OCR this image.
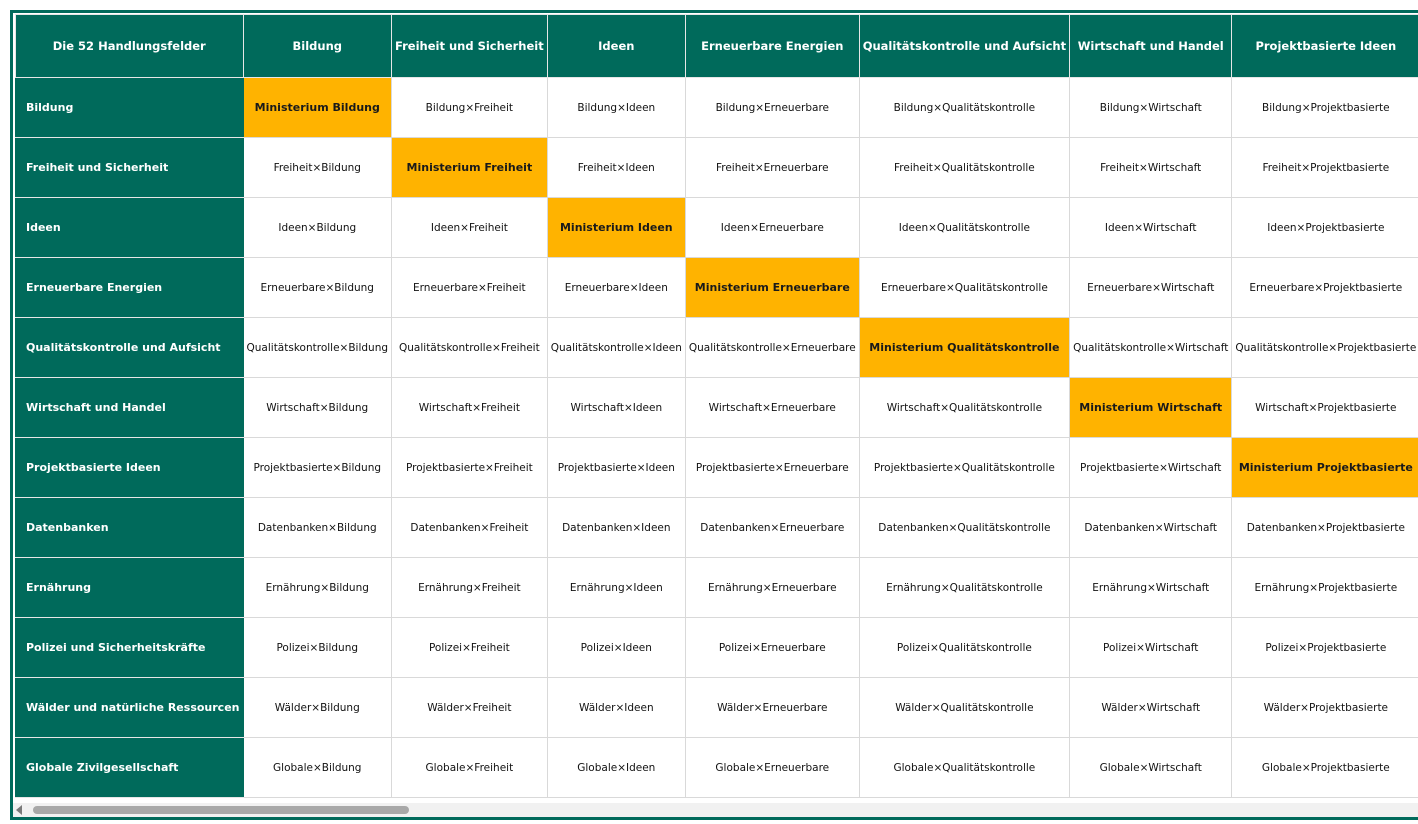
Die 52 Handlungsfelder	Bildung	Freiheit und Sicherheit	Ideen	Erneuerbare Energien	Qualitätskontrolle und Aufsicht	Wirtschaft und Handel	Projektbasierte Ideen
Bildung	Ministerium Bildung	Bildung×Freiheit	Bildung×Ideen	Bildung×Erneuerbare	Bildung×Qualitätskontrolle	Bildung×Wirtschaft	Bildung×Projektbasierte
Freiheit und Sicherheit	Freiheit×Bildung	Ministerium Freiheit	Freiheit×Ideen	Freiheit×Erneuerbare	Freiheit×Qualitätskontrolle	Freiheit×Wirtschaft	Freiheit×Projektbasierte
Ideen	Ideen×Bildung	Ideen×Freiheit	Ministerium Ideen	Ideen×Erneuerbare	Ideen×Qualitätskontrolle	Ideen×Wirtschaft	Ideen×Projektbasierte
Erneuerbare Energien	Erneuerbare×Bildung	Erneuerbare×Freiheit	Erneuerbare×Ideen	Ministerium Erneuerbare	Erneuerbare×Qualitätskontrolle	Erneuerbare×Wirtschaft	Erneuerbare×Projektbasierte
Qualitätskontrolle und Aufsicht	Qualitätskontrolle×Bildung	Qualitätskontrolle×Freiheit	Qualitätskontrolle×Ideen	Qualitätskontrolle×Erneuerbare	Ministerium Qualitätskontrolle	Qualitätskontrolle×Wirtschaft	Qualitätskontrolle×Projektbasierte
Wirtschaft und Handel	Wirtschaft×Bildung	Wirtschaft×Freiheit	Wirtschaft×Ideen	Wirtschaft×Erneuerbare	Wirtschaft×Qualitätskontrolle	Ministerium Wirtschaft	Wirtschaft×Projektbasierte
Projektbasierte Ideen	Projektbasierte×Bildung	Projektbasierte×Freiheit	Projektbasierte×Ideen	Projektbasierte×Erneuerbare	Projektbasierte×Qualitätskontrolle	Projektbasierte×Wirtschaft	Ministerium Projektbasierte
Datenbanken	Datenbanken×Bildung	Datenbanken×Freiheit	Datenbanken×Ideen	Datenbanken×Erneuerbare	Datenbanken×Qualitätskontrolle	Datenbanken×Wirtschaft	Datenbanken×Projektbasierte
Ernährung	Ernährung×Bildung	Ernährung×Freiheit	Ernährung×Ideen	Ernährung×Erneuerbare	Ernährung×Qualitätskontrolle	Ernährung×Wirtschaft	Ernährung×Projektbasierte
Polizei und Sicherheitskräfte	Polizei×Bildung	Polizei×Freiheit	Polizei×Ideen	Polizei×Erneuerbare	Polizei×Qualitätskontrolle	Polizei×Wirtschaft	Polizei×Projektbasierte
Wälder und natürliche Ressourcen	Wälder×Bildung	Wälder×Freiheit	Wälder×Ideen	Wälder×Erneuerbare	Wälder×Qualitätskontrolle	Wälder×Wirtschaft	Wälder×Projektbasierte
Globale Zivilgesellschaft	Globale×Bildung	Globale×Freiheit	Globale×Ideen	Globale×Erneuerbare	Globale×Qualitätskontrolle	Globale×Wirtschaft	Globale×Projektbasierte
